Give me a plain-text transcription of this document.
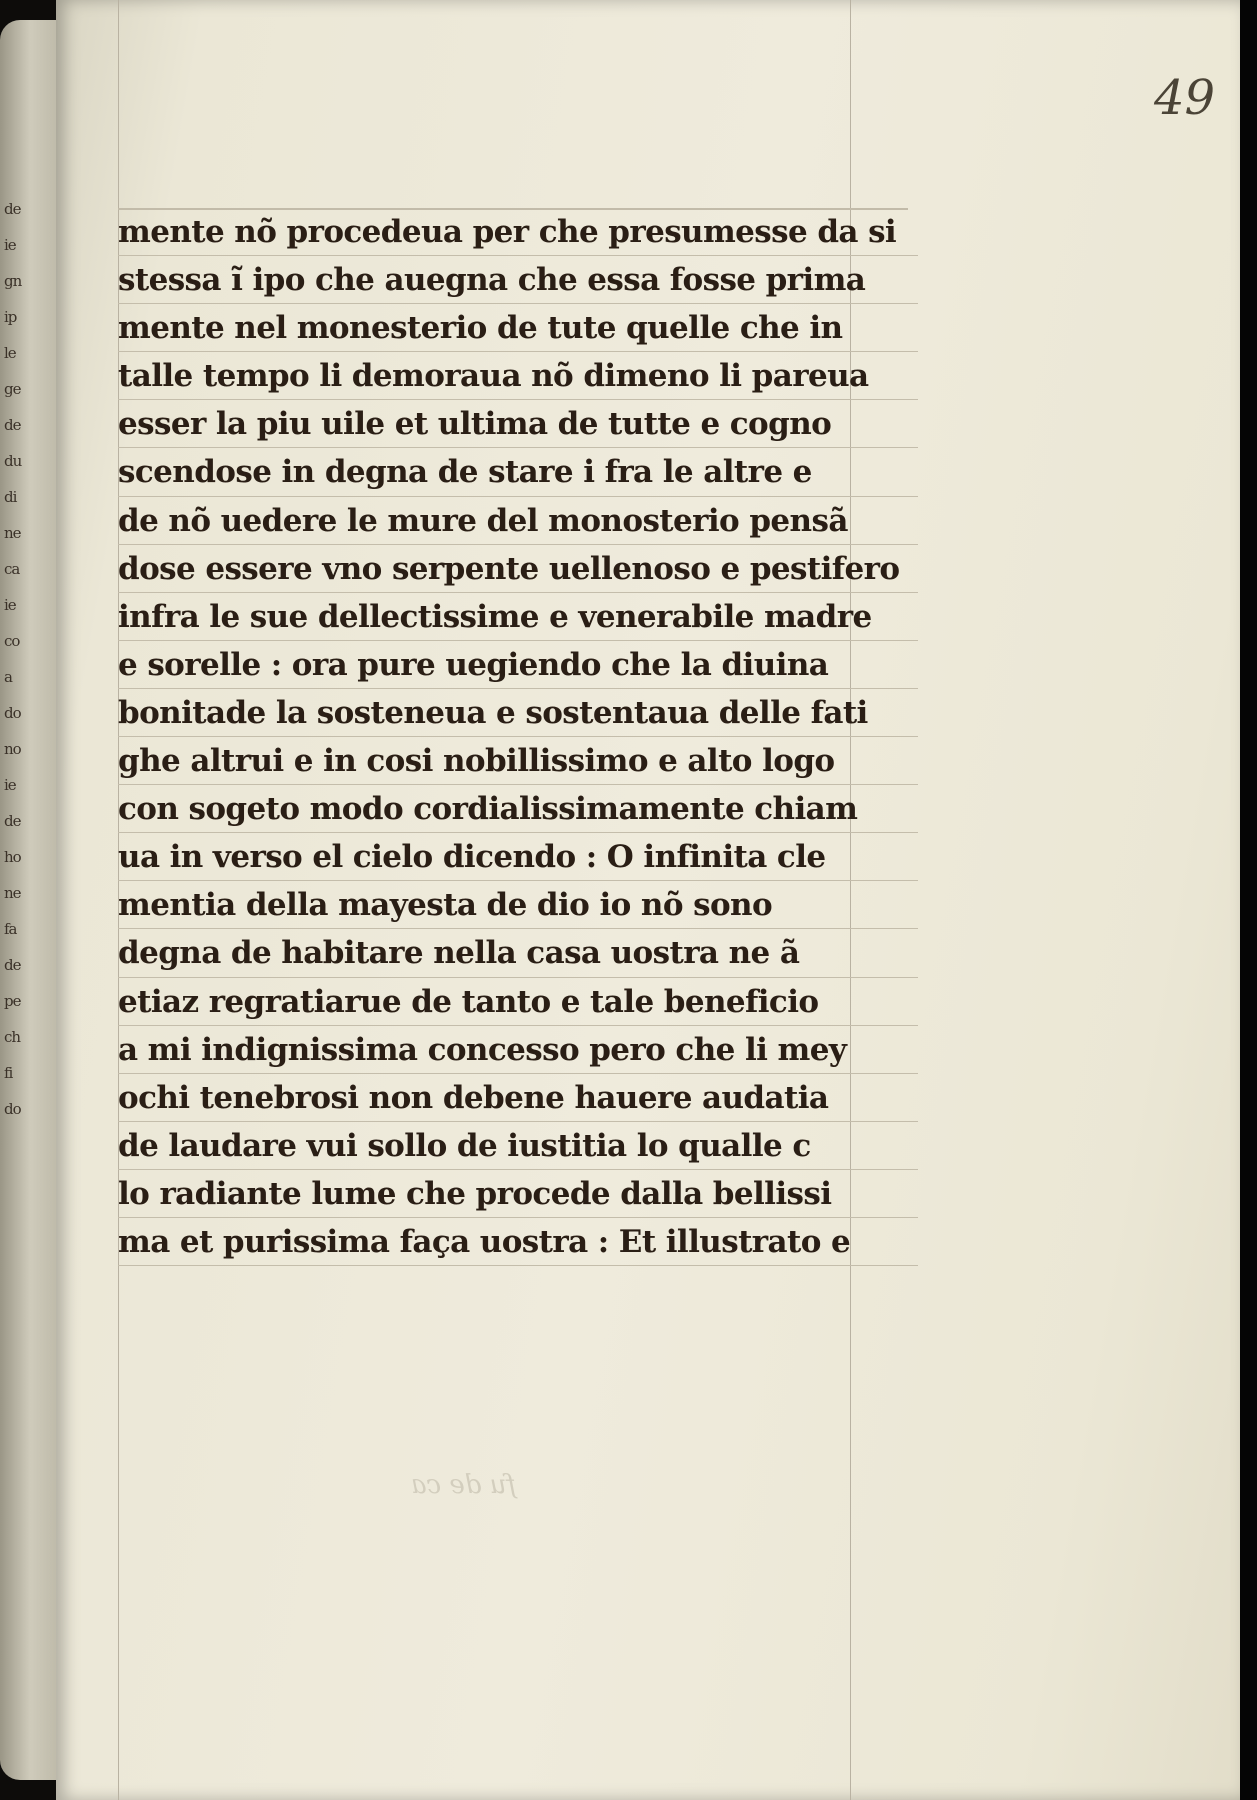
de
ie
gn
ip
le
ge
de
du
di
ne
ca
ie
co
a
do
no
ie
de
ho
ne
fa
de
pe
ch
fi
do
49
mente nõ procedeua per che presumesse da si
stessa ĩ ipo che auegna che essa fosse prima
mente nel monesterio de tute quelle che in
talle tempo li demoraua nõ dimeno li pareua
esser la piu uile et ultima de tutte e cogno
scendose in degna de stare i fra le altre e
de nõ uedere le mure del monosterio pensã
dose essere vno serpente uellenoso e pestifero
infra le sue dellectissime e venerabile madre
e sorelle : ora pure uegiendo che la diuina
bonitade la sosteneua e sostentaua delle fati
ghe altrui e in cosi nobillissimo e alto logo
con sogeto modo cordialissimamente chiam
ua in verso el cielo dicendo : O infinita cle
mentia della mayesta de dio io nõ sono
degna de habitare nella casa uostra ne ã
etiaz regratiarue de tanto e tale beneficio
a mi indignissima concesso pero che li mey
ochi tenebrosi non debene hauere audatia
de laudare vui sollo de iustitia lo qualle c
lo radiante lume che procede dalla bellissi
ma et purissima faça uostra : Et illustrato e
fu de ca
